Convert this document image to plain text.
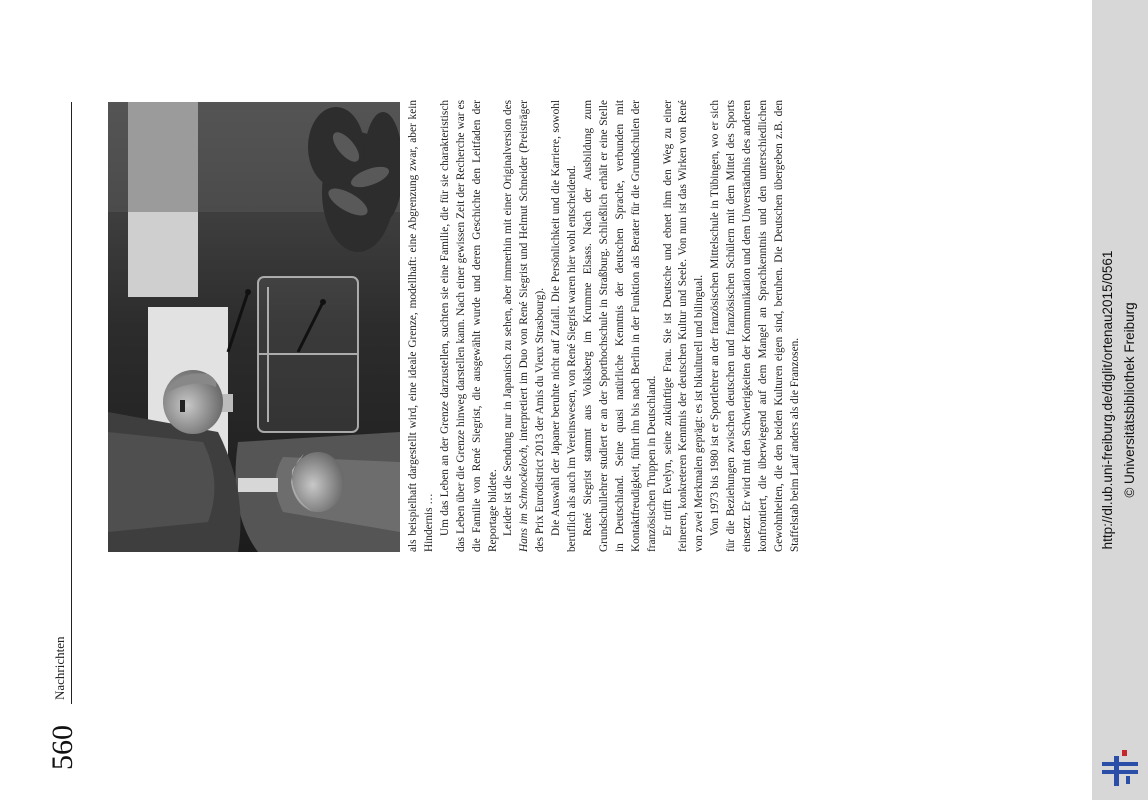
560
Nachrichten

als beispielhaft dargestellt wird, eine ideale Grenze, modellhaft: eine Abgrenzung zwar, aber kein Hindernis … Um das Leben an der Grenze darzustellen, suchten sie eine Familie, die für sie charakteristisch das Leben über die Grenze hinweg darstellen kann. Nach einer gewissen Zeit der Recherche war es die Familie von René Siegrist, die ausgewählt wurde und deren Geschichte den Leitfaden der Reportage bildete. Leider ist die Sendung nur in Japanisch zu sehen, aber immerhin mit einer Originalversion des Hans im Schnockeloch, interpretiert im Duo von René Siegrist und Helmut Schneider (Preisträger des Prix Eurodistrict 2013 der Amis du Vieux Strasbourg). Die Auswahl der Japaner beruhte nicht auf Zufall. Die Persönlichkeit und die Karriere, sowohl beruflich als auch im Vereinswesen, von René Siegrist waren hier wohl entscheidend. René Siegrist stammt aus Volksberg im Krumme Elsass. Nach der Ausbildung zum Grundschullehrer studiert er an der Sporthochschule in Straßburg. Schließlich erhält er eine Stelle in Deutschland. Seine quasi natürliche Kenntnis der deutschen Sprache, verbunden mit Kontaktfreudigkeit, führt ihn bis nach Berlin in der Funktion als Berater für die Grundschulen der französischen Truppen in Deutschland. Er trifft Evelyn, seine zukünftige Frau. Sie ist Deutsche und ebnet ihm den Weg zu einer feineren, konkreteren Kenntnis der deutschen Kultur und Seele. Von nun ist das Wirken von René von zwei Merkmalen geprägt: es ist bikulturell und bilingual. Von 1973 bis 1980 ist er Sportlehrer an der französischen Mittelschule in Tübingen, wo er sich für die Beziehungen zwischen deutschen und französischen Schülern mit dem Mittel des Sports einsetzt. Er wird mit den Schwierigkeiten der Kommunikation und dem Unverständnis des anderen konfrontiert, die überwiegend auf dem Mangel an Sprachkenntnis und den unterschiedlichen Gewohnheiten, die den beiden Kulturen eigen sind, beruhen. Die Deutschen übergeben z.B. den Staffelstab beim Lauf anders als die Franzosen.	http://dl.ub.uni-freiburg.de/diglit/ortenau2015/0561 © Universitätsbibliothek Freiburg
